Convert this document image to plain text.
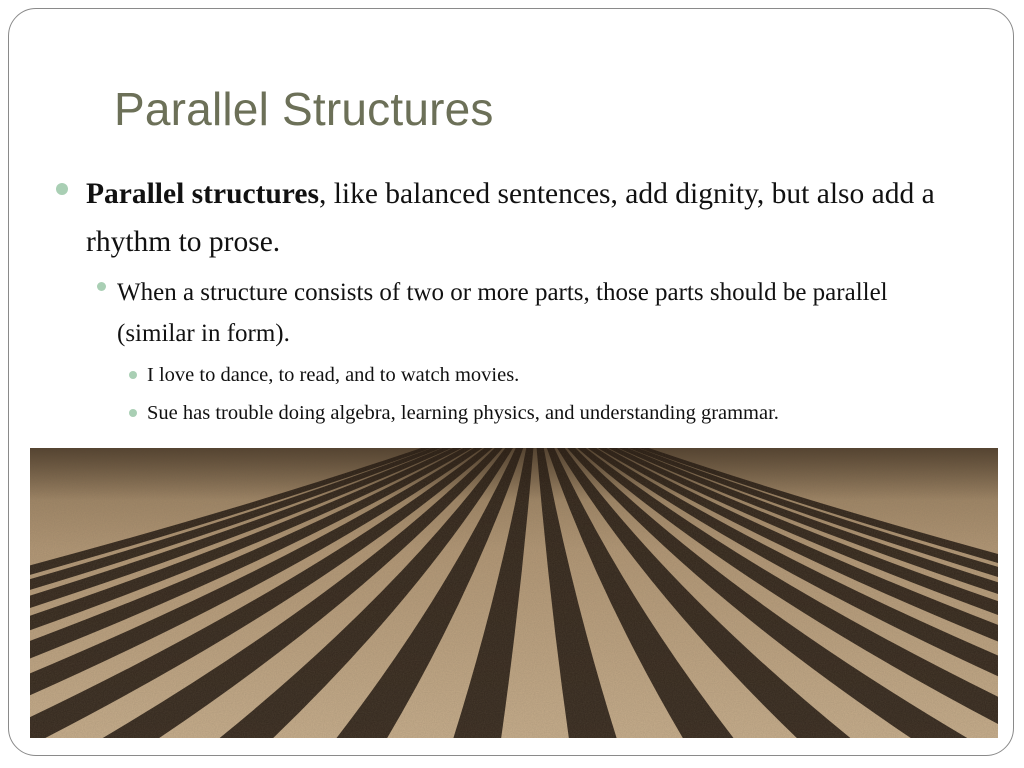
Parallel Structures
Parallel structures, like balanced sentences, add dignity, but also add a rhythm to prose.
When a structure consists of two or more parts, those parts should be parallel (similar in form).
I love to dance, to read, and to watch movies.
Sue has trouble doing algebra, learning physics, and understanding grammar.
